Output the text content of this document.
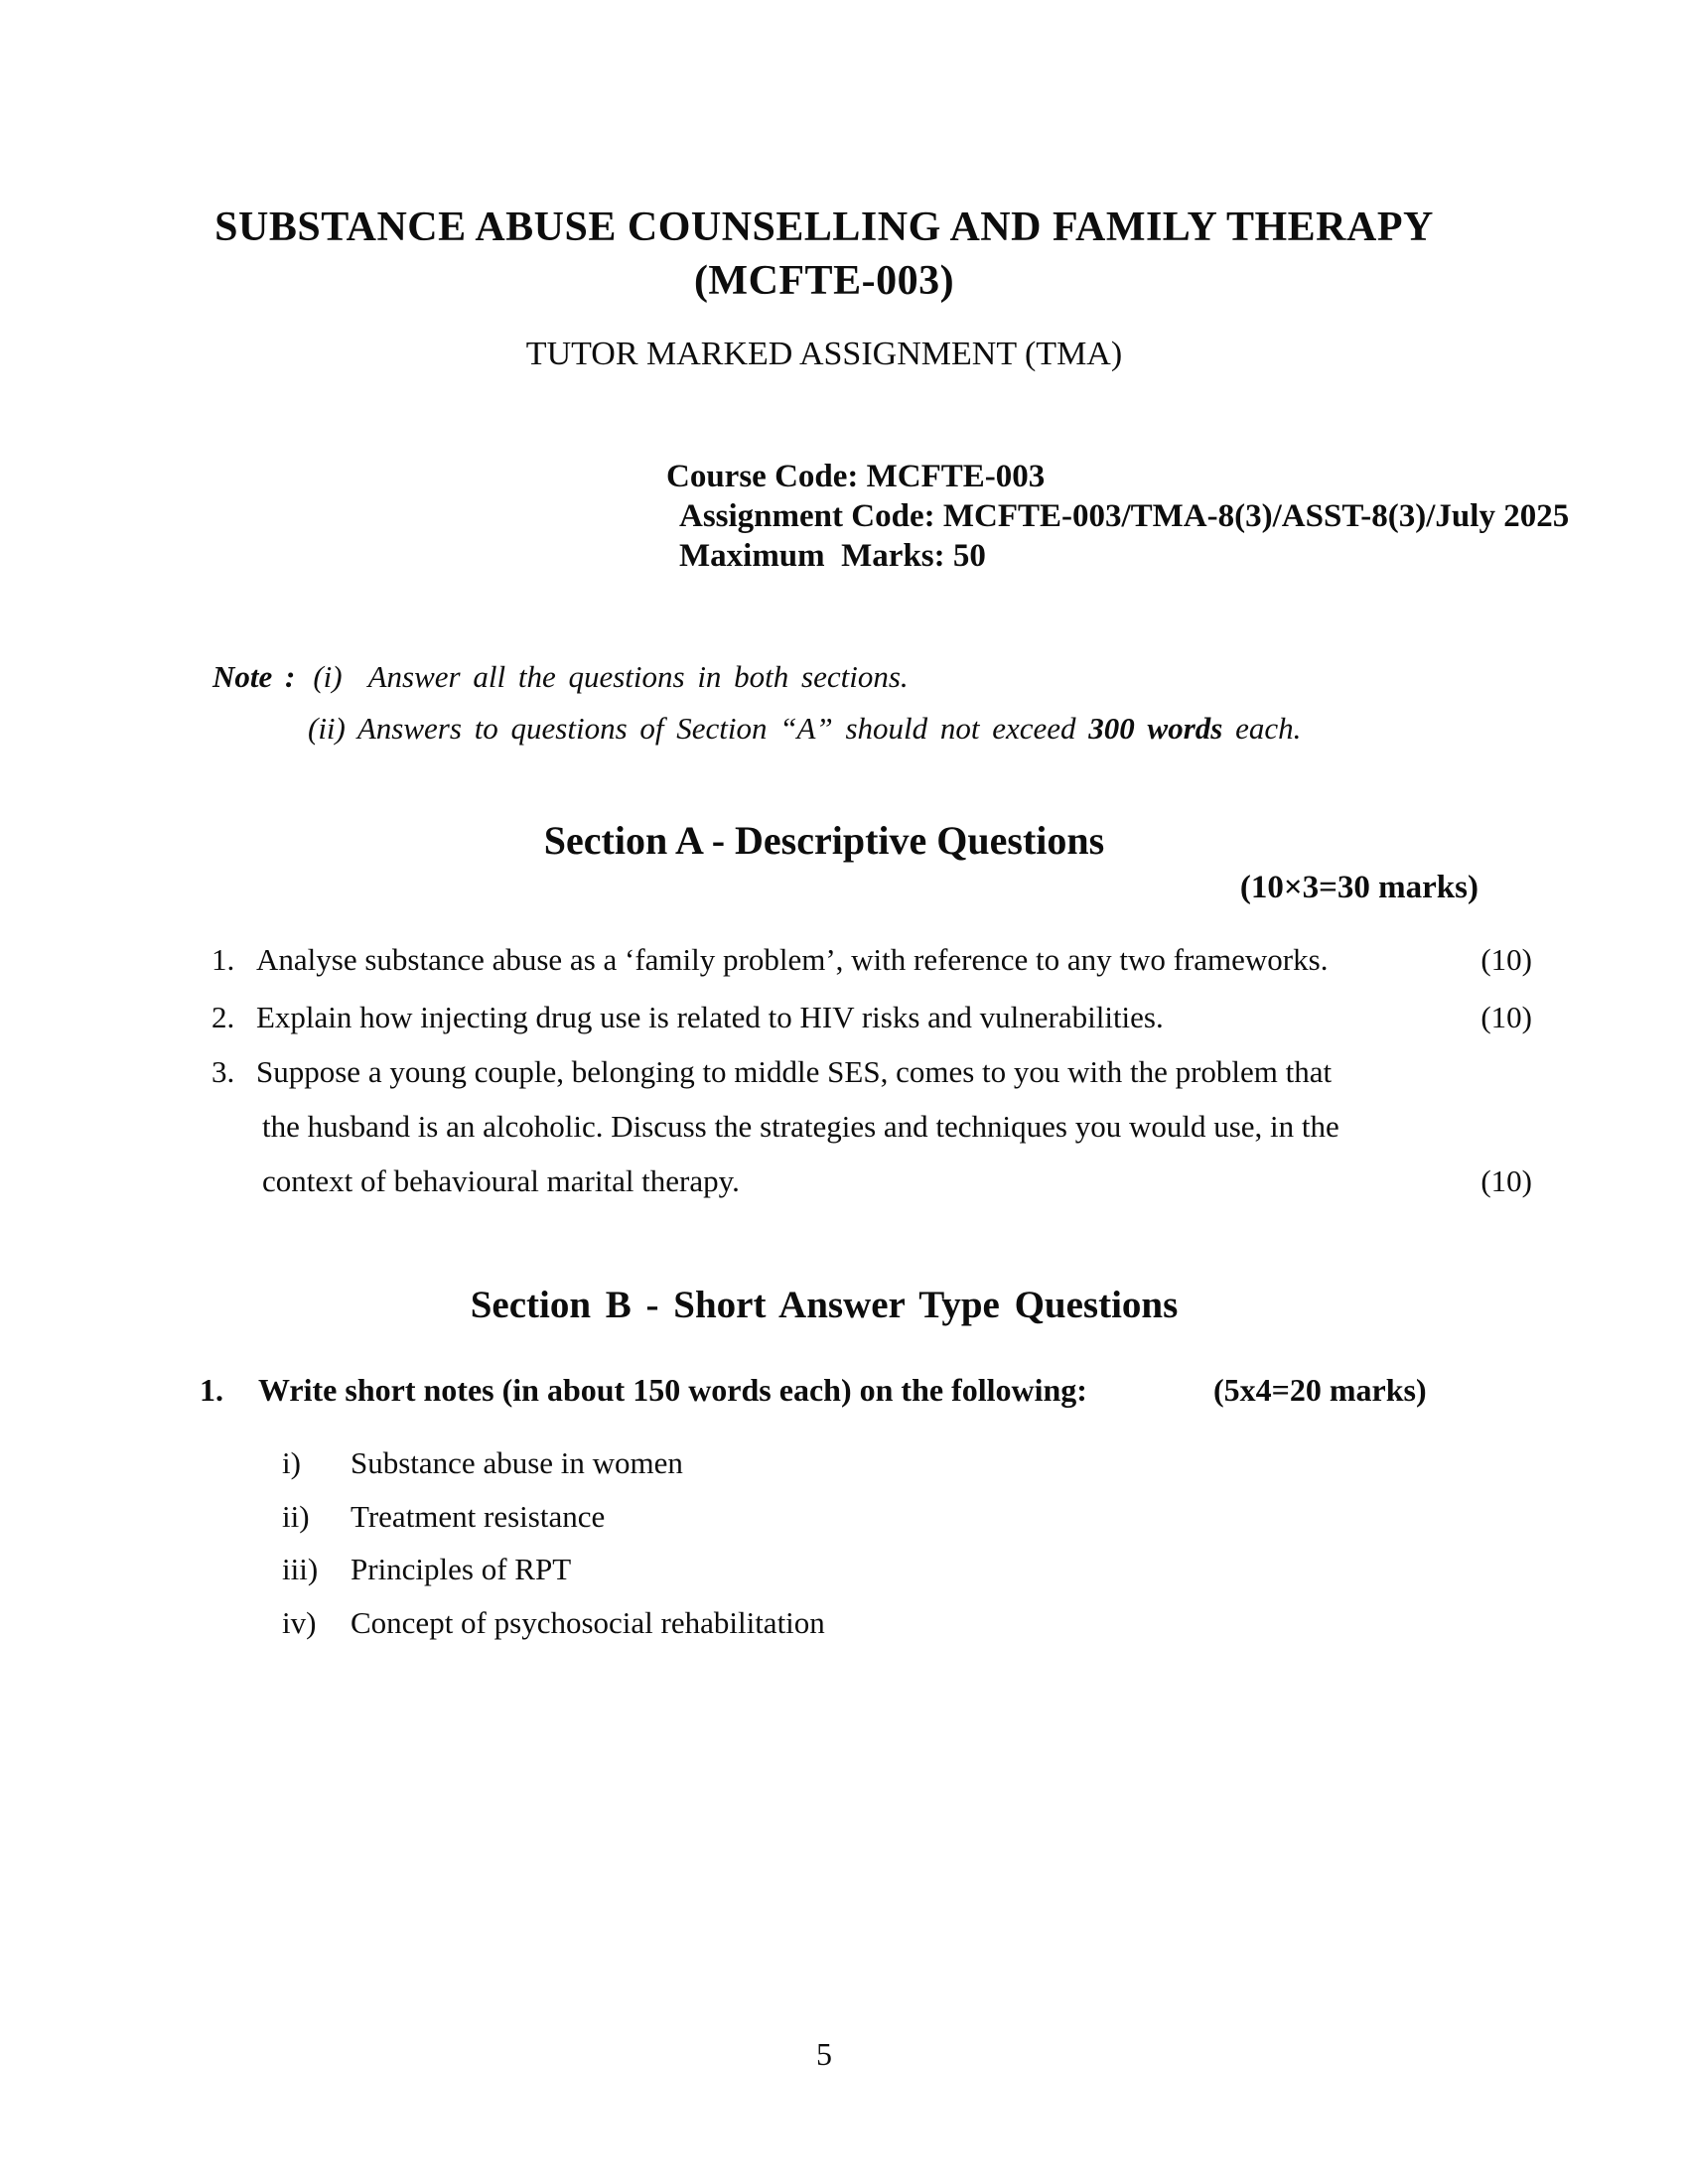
SUBSTANCE ABUSE COUNSELLING AND FAMILY THERAPY
(MCFTE-003)
TUTOR MARKED ASSIGNMENT (TMA)
Course Code: MCFTE-003
Assignment Code: MCFTE-003/TMA-8(3)/ASST-8(3)/July 2025
Maximum  Marks: 50
Note : (i) Answer all the questions in both sections.
(ii) Answers to questions of Section “A” should not exceed 300 words each.
Section A - Descriptive Questions
(10×3=30 marks)
1. Analyse substance abuse as a ‘family problem’, with reference to any two frameworks.	(10)
2. Explain how injecting drug use is related to HIV risks and vulnerabilities.	(10)
3. Suppose a young couple, belonging to middle SES, comes to you with the problem that
the husband is an alcoholic. Discuss the strategies and techniques you would use, in the
context of behavioural marital therapy.	(10)
Section B - Short Answer Type Questions
1. Write short notes (in about 150 words each) on the following:	(5x4=20 marks)
i) Substance abuse in women
ii) Treatment resistance
iii) Principles of RPT
iv) Concept of psychosocial rehabilitation
5
